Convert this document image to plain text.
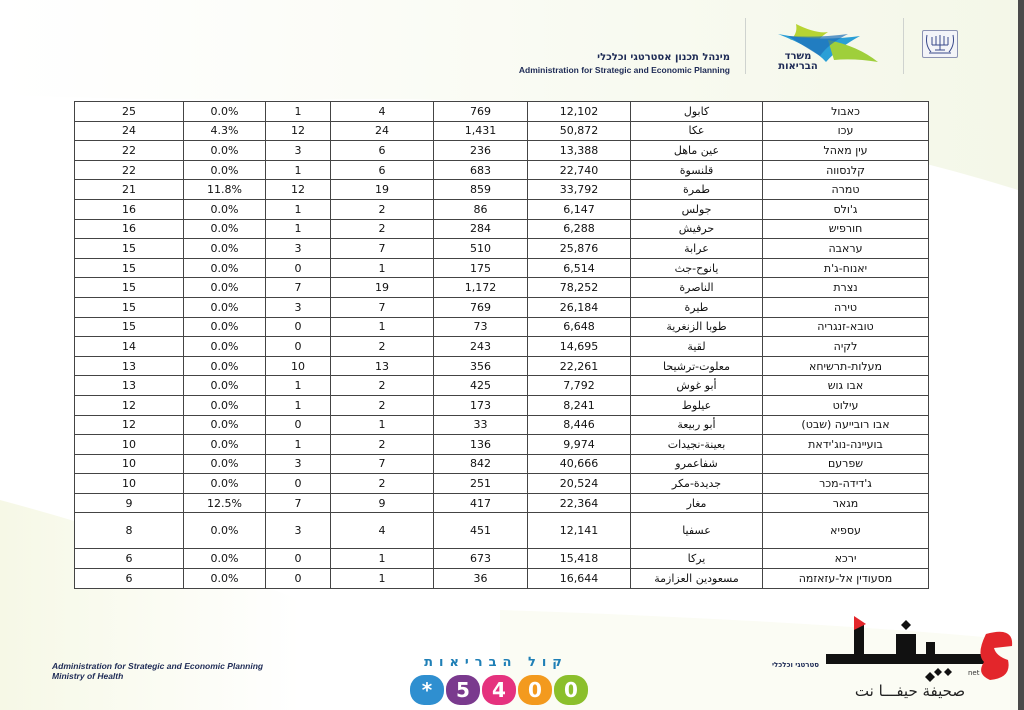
מינהל תכנון אסטרטגי וכלכלי
Administration for Strategic and Economic Planning
משרד הבריאות
25	0.0%	1	4	769	12,102	كابول	כאבול
24	4.3%	12	24	1,431	50,872	عكا	עכו
22	0.0%	3	6	236	13,388	عين ماهل	עין מאהל
22	0.0%	1	6	683	22,740	قلنسوة	קלנסווה
21	11.8%	12	19	859	33,792	طمرة	טמרה
16	0.0%	1	2	86	6,147	جولس	ג'ולס
16	0.0%	1	2	284	6,288	حرفيش	חורפיש
15	0.0%	3	7	510	25,876	عرابة	עראבה
15	0.0%	0	1	175	6,514	يانوح-جث	יאנוח-ג'ת
15	0.0%	7	19	1,172	78,252	الناصرة	נצרת
15	0.0%	3	7	769	26,184	طيرة	טירה
15	0.0%	0	1	73	6,648	طوبا الزنغرية	טובא-זנגריה
14	0.0%	0	2	243	14,695	لقية	לקיה
13	0.0%	10	13	356	22,261	معلوت-ترشيحا	מעלות-תרשיחא
13	0.0%	1	2	425	7,792	أبو غوش	אבו גוש
12	0.0%	1	2	173	8,241	عيلوط	עילוט
12	0.0%	0	1	33	8,446	أبو ربيعة	אבו רובייעה (שבט)
10	0.0%	1	2	136	9,974	بعينة-نجيدات	בועיינה-נוג'ידאת
10	0.0%	3	7	842	40,666	شفاعمرو	שפרעם
10	0.0%	0	2	251	20,524	جديدة-مكر	ג'דידה-מכר
9	12.5%	7	9	417	22,364	مغار	מגאר
8	0.0%	3	4	451	12,141	عسفيا	עספיא
6	0.0%	0	1	673	15,418	يركا	ירכא
6	0.0%	0	1	36	16,644	مسعودين العزازمة	מסעודין אל-עזאזמה
Administration for Strategic and Economic Planning
Ministry of Health
קול הבריאות
*	5	4	0	0
סטרטגי וכלכלי
net
صحيفة حيفـــا نت
